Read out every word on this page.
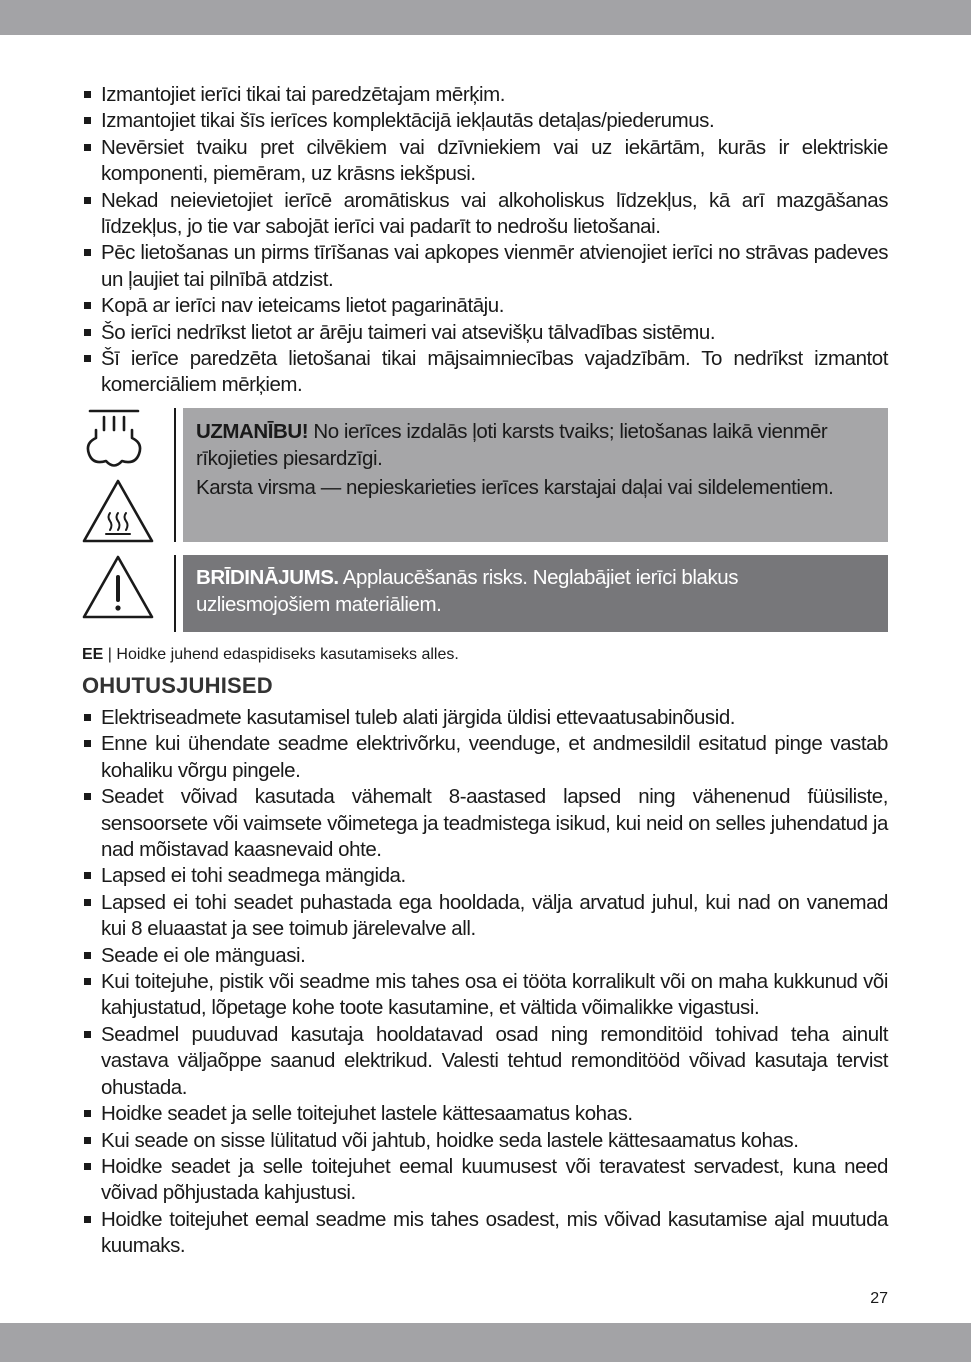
Izmantojiet ierīci tikai tai paredzētajam mērķim.
Izmantojiet tikai šīs ierīces komplektācijā iekļautās detaļas/piederumus.
Nevērsiet tvaiku pret cilvēkiem vai dzīvniekiem vai uz iekārtām, kurās ir elektriskie komponenti, piemēram, uz krāsns iekšpusi.
Nekad neievietojiet ierīcē aromātiskus vai alkoholiskus līdzekļus, kā arī mazgāšanas līdzekļus, jo tie var sabojāt ierīci vai padarīt to nedrošu lietošanai.
Pēc lietošanas un pirms tīrīšanas vai apkopes vienmēr atvienojiet ierīci no strāvas padeves un ļaujiet tai pilnībā atdzist.
Kopā ar ierīci nav ieteicams lietot pagarinātāju.
Šo ierīci nedrīkst lietot ar ārēju taimeri vai atsevišķu tālvadības sistēmu.
Šī ierīce paredzēta lietošanai tikai mājsaimniecības vajadzībām. To nedrīkst izmantot komerciāliem mērķiem.

UZMANĪBU! No ierīces izdalās ļoti karsts tvaiks; lietošanas laikā vienmēr rīkojieties piesardzīgi.

Karsta virsma — nepieskarieties ierīces karstajai daļai vai sildelementiem.

BRĪDINĀJUMS. Applaucēšanās risks. Neglabājiet ierīci blakus uzliesmojošiem materiāliem.

EE | Hoidke juhend edaspidiseks kasutamiseks alles.
OHUTUSJUHISED
Elektriseadmete kasutamisel tuleb alati järgida üldisi ettevaatusabinõusid.
Enne kui ühendate seadme elektrivõrku, veenduge, et andmesildil esitatud pinge vastab kohaliku võrgu pingele.
Seadet võivad kasutada vähemalt 8-aastased lapsed ning vähenenud füüsiliste, sensoorsete või vaimsete võimetega ja teadmistega isikud, kui neid on selles juhendatud ja nad mõistavad kaasnevaid ohte.
Lapsed ei tohi seadmega mängida.
Lapsed ei tohi seadet puhastada ega hooldada, välja arvatud juhul, kui nad on vanemad kui 8 eluaastat ja see toimub järelevalve all.
Seade ei ole mänguasi.
Kui toitejuhe, pistik või seadme mis tahes osa ei tööta korralikult või on maha kukkunud või kahjustatud, lõpetage kohe toote kasutamine, et vältida võimalikke vigastusi.
Seadmel puuduvad kasutaja hooldatavad osad ning remonditöid tohivad teha ainult vastava väljaõppe saanud elektrikud. Valesti tehtud remonditööd võivad kasutaja tervist ohustada.
Hoidke seadet ja selle toitejuhet lastele kättesaamatus kohas.
Kui seade on sisse lülitatud või jahtub, hoidke seda lastele kättesaamatus kohas.
Hoidke seadet ja selle toitejuhet eemal kuumusest või teravatest servadest, kuna need võivad põhjustada kahjustusi.
Hoidke toitejuhet eemal seadme mis tahes osadest, mis võivad kasutamise ajal muutuda kuumaks.
27
